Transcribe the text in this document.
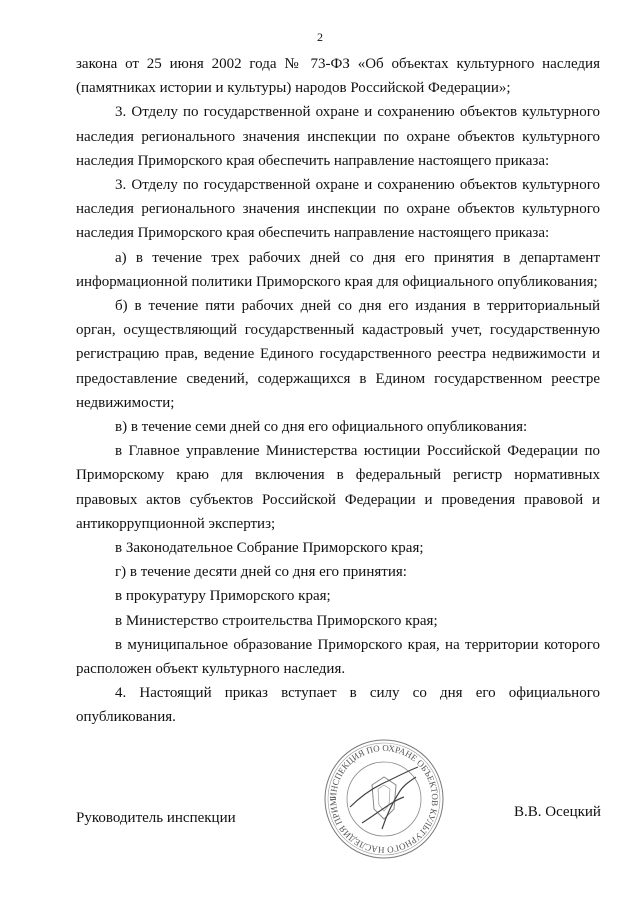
2

закона от 25 июня 2002 года № 73-ФЗ «Об объектах культурного наследия (памятниках истории и культуры) народов Российской Федерации»;

3. Отделу по государственной охране и сохранению объектов культурного наследия регионального значения инспекции по охране объектов культурного наследия Приморского края обеспечить направление настоящего приказа:

3. Отделу по государственной охране и сохранению объектов культурного наследия регионального значения инспекции по охране объектов культурного наследия Приморского края обеспечить направление настоящего приказа:

а) в течение трех рабочих дней со дня его принятия в департамент информационной политики Приморского края для официального опубликования;

б) в течение пяти рабочих дней со дня его издания в территориальный орган, осуществляющий государственный кадастровый учет, государственную регистрацию прав, ведение Единого государственного реестра недвижимости и предоставление сведений, содержащихся в Едином государственном реестре недвижимости;

в) в течение семи дней со дня его официального опубликования:

в Главное управление Министерства юстиции Российской Федерации по Приморскому краю для включения в федеральный регистр нормативных правовых актов субъектов Российской Федерации и проведения правовой и антикоррупционной экспертиз;

в Законодательное Собрание Приморского края;

г) в течение десяти дней со дня его принятия:

в прокуратуру Приморского края;

в Министерство строительства Приморского края;

в муниципальное образование Приморского края, на территории которого расположен объект культурного наследия.

4. Настоящий приказ вступает в силу со дня его официального опубликования.

ИНСПЕКЦИЯ ПО ОХРАНЕ ОБЪЕКТОВ КУЛЬТУРНОГО НАСЛЕДИЯ ПРИМ
Руководитель инспекции	В.В. Осецкий
